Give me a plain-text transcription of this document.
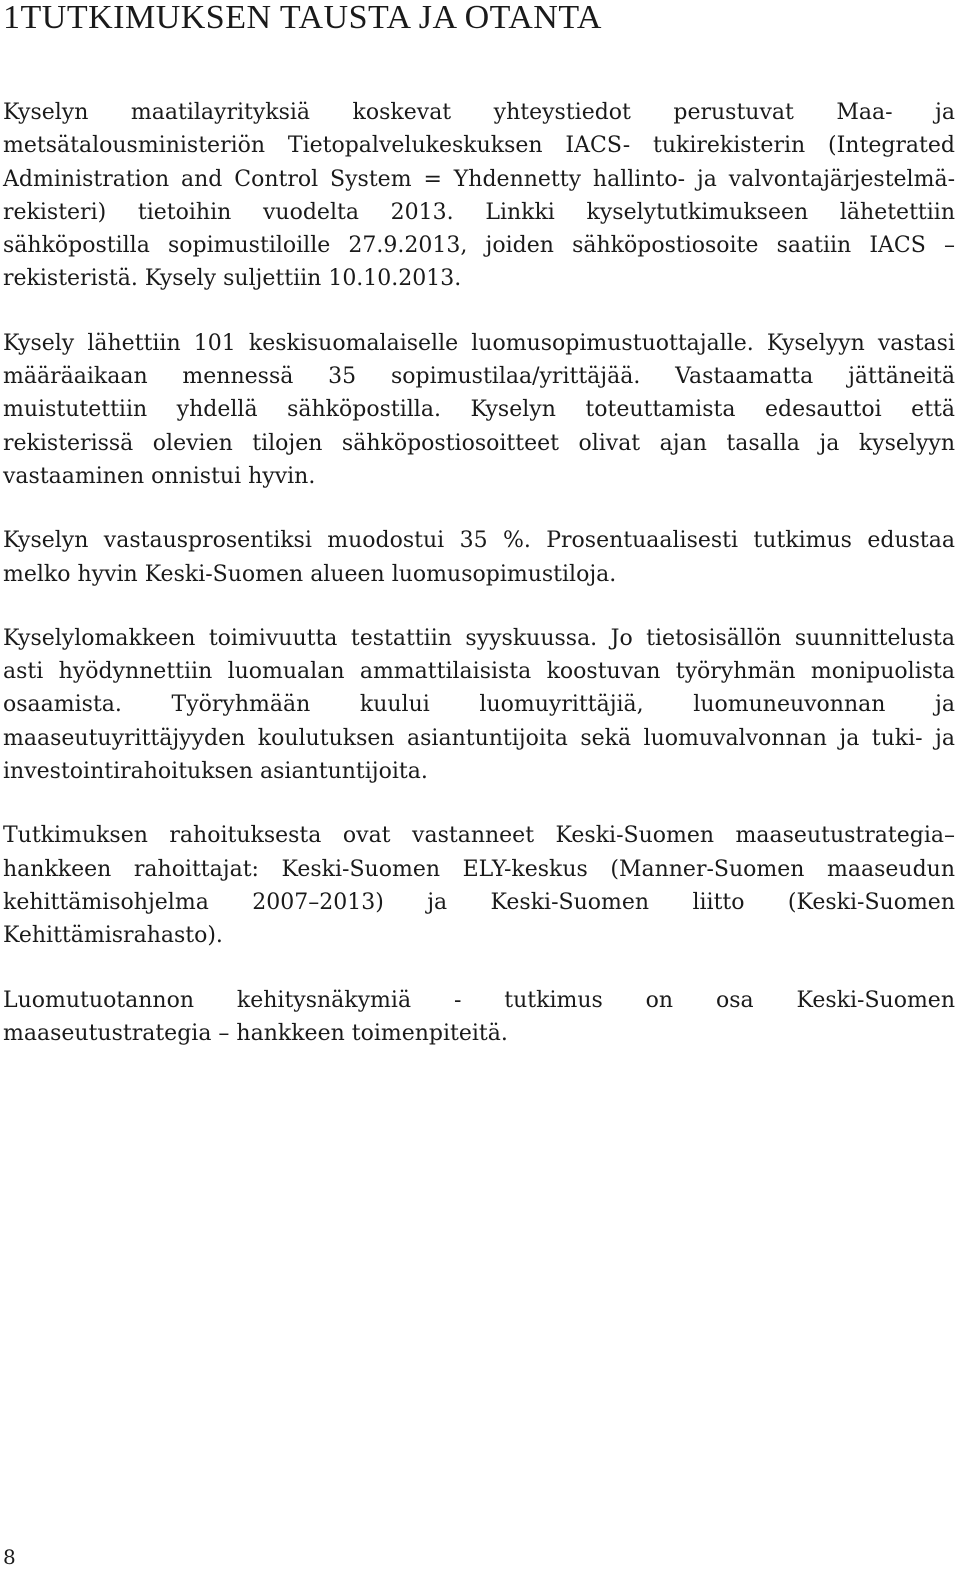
1TUTKIMUKSEN TAUSTA JA OTANTA

Kyselyn maatilayrityksiä koskevat yhteystiedot perustuvat Maa- ja metsätalousministeriön Tietopalvelukeskuksen IACS- tukirekisterin (Integrated Administration and Control System = Yhdennetty hallinto- ja valvontajärjestelmä-rekisteri) tietoihin vuodelta 2013. Linkki kyselytutkimukseen lähetettiin sähköpostilla sopimustiloille 27.9.2013, joiden sähköpostiosoite saatiin IACS – rekisteristä. Kysely suljettiin 10.10.2013.

Kysely lähettiin 101 keskisuomalaiselle luomusopimustuottajalle. Kyselyyn vastasi määräaikaan mennessä 35 sopimustilaa/yrittäjää. Vastaamatta jättäneitä muistutettiin yhdellä sähköpostilla. Kyselyn toteuttamista edesauttoi että rekisterissä olevien tilojen sähköpostiosoitteet olivat ajan tasalla ja kyselyyn vastaaminen onnistui hyvin.

Kyselyn vastausprosentiksi muodostui 35 %. Prosentuaalisesti tutkimus edustaa melko hyvin Keski-Suomen alueen luomusopimustiloja.

Kyselylomakkeen toimivuutta testattiin syyskuussa. Jo tietosisällön suunnittelusta asti hyödynnettiin luomualan ammattilaisista koostuvan työryhmän monipuolista osaamista. Työryhmään kuului luomuyrittäjiä, luomuneuvonnan ja maaseutuyrittäjyyden koulutuksen asiantuntijoita sekä luomuvalvonnan ja tuki- ja investointirahoituksen asiantuntijoita.

Tutkimuksen rahoituksesta ovat vastanneet Keski-Suomen maaseutustrategia–hankkeen rahoittajat: Keski-Suomen ELY-keskus (Manner-Suomen maaseudun kehittämisohjelma 2007–2013) ja Keski-Suomen liitto (Keski-Suomen Kehittämisrahasto).

Luomutuotannon kehitysnäkymiä - tutkimus on osa Keski-Suomen maaseutustrategia – hankkeen toimenpiteitä.

8
